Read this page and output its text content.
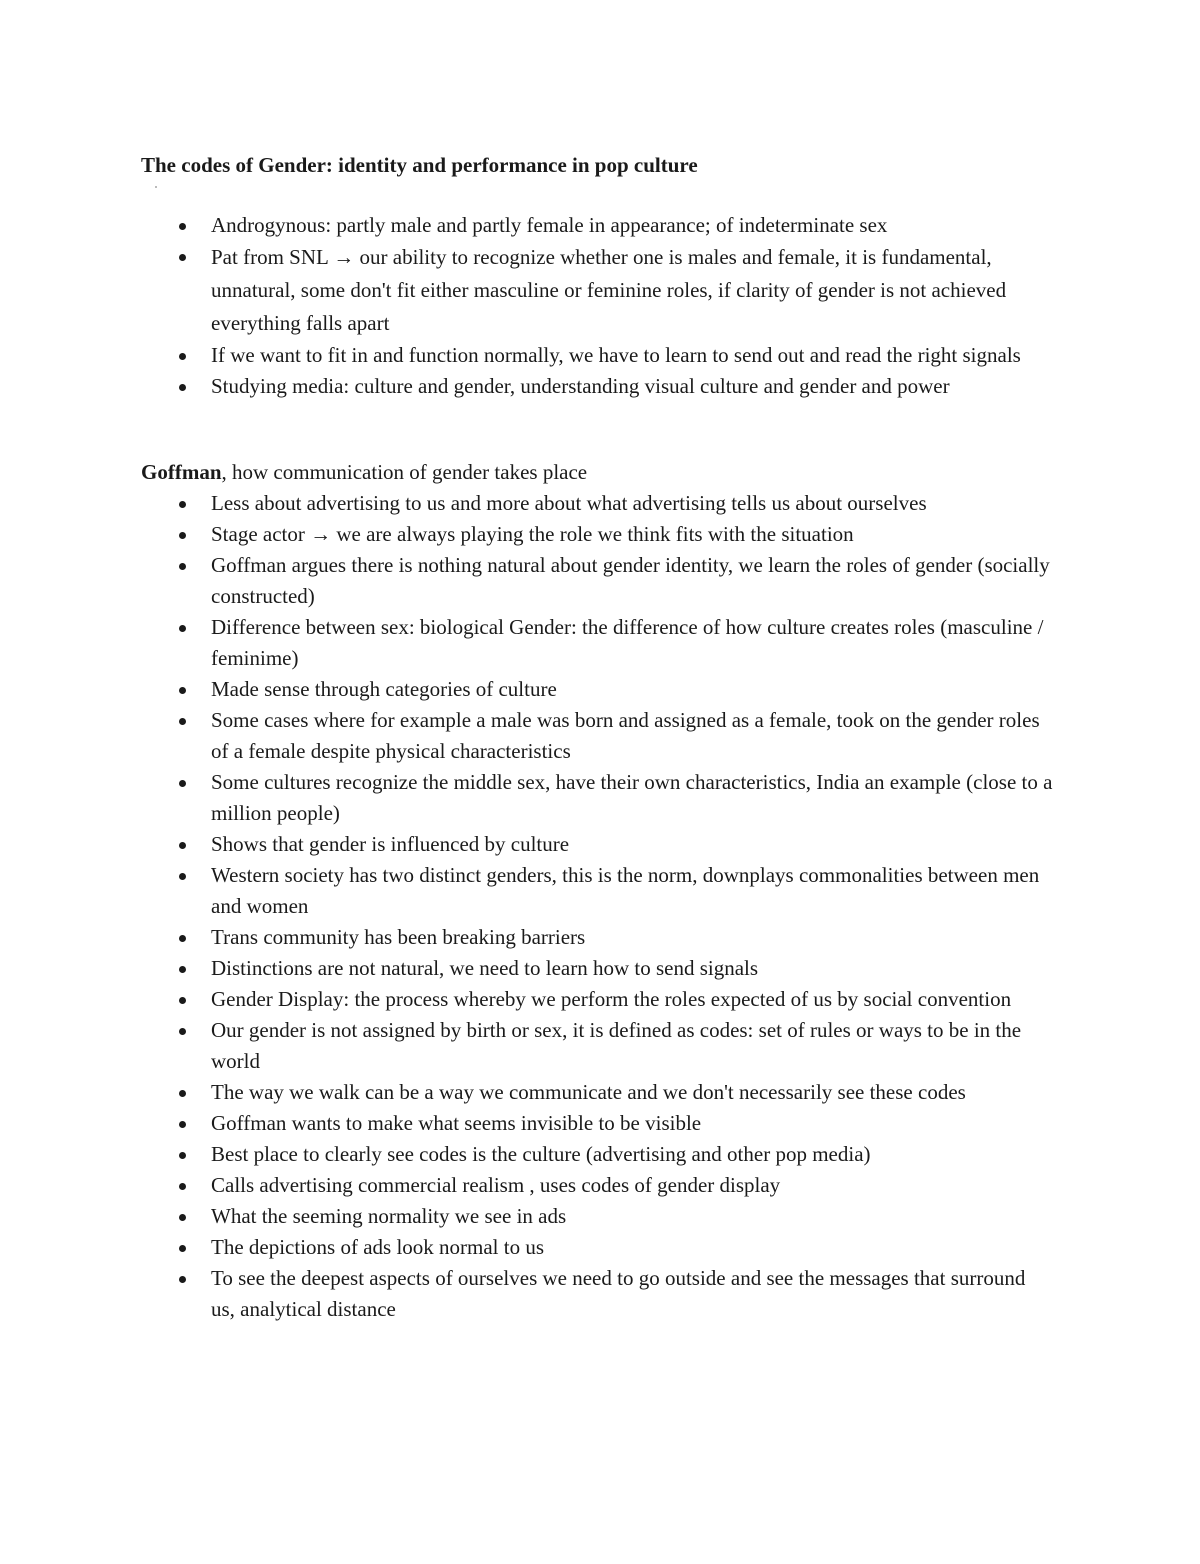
The codes of Gender: identity and performance in pop culture
Androgynous: partly male and partly female in appearance; of indeterminate sex
Pat from SNL → our ability to recognize whether one is males and female, it is fundamental, unnatural, some don't fit either masculine or feminine roles, if clarity of gender is not achieved everything falls apart
If we want to fit in and function normally, we have to learn to send out and read the right signals
Studying media: culture and gender, understanding visual culture and gender and power
Goffman, how communication of gender takes place
Less about advertising to us and more about what advertising tells us about ourselves
Stage actor → we are always playing the role we think fits with the situation
Goffman argues there is nothing natural about gender identity, we learn the roles of gender (socially constructed)
Difference between sex: biological Gender: the difference of how culture creates roles (masculine / feminime)
Made sense through categories of culture
Some cases where for example a male was born and assigned as a female, took on the gender roles of a female despite physical characteristics
Some cultures recognize the middle sex, have their own characteristics, India an example (close to a million people)
Shows that gender is influenced by culture
Western society has two distinct genders, this is the norm, downplays commonalities between men and women
Trans community has been breaking barriers
Distinctions are not natural, we need to learn how to send signals
Gender Display: the process whereby we perform the roles expected of us by social convention
Our gender is not assigned by birth or sex, it is defined as codes: set of rules or ways to be in the world
The way we walk can be a way we communicate and we don't necessarily see these codes
Goffman wants to make what seems invisible to be visible
Best place to clearly see codes is the culture (advertising and other pop media)
Calls advertising commercial realism , uses codes of gender display
What the seeming normality we see in ads
The depictions of ads look normal to us
To see the deepest aspects of ourselves we need to go outside and see the messages that surround us, analytical distance
